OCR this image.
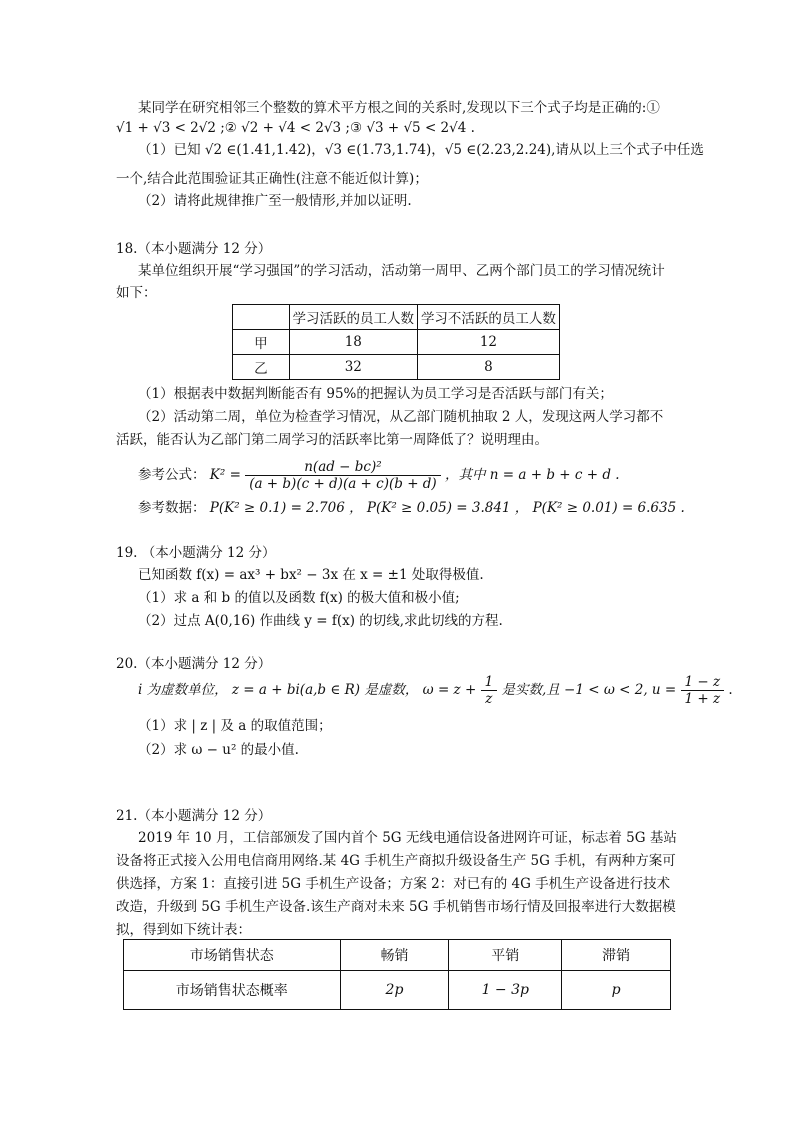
某同学在研究相邻三个整数的算术平方根之间的关系时,发现以下三个式子均是正确的:①
√1 + √3 < 2√2 ;② √2 + √4 < 2√3 ;③ √3 + √5 < 2√4 .
（1）已知 √2 ∈(1.41,1.42)，√3 ∈(1.73,1.74)，√5 ∈(2.23,2.24),请从以上三个式子中任选
一个,结合此范围验证其正确性(注意不能近似计算)；
（2）请将此规律推广至一般情形,并加以证明.
18.（本小题满分 12 分）
某单位组织开展“学习强国”的学习活动，活动第一周甲、乙两个部门员工的学习情况统计
如下：
	学习活跃的员工人数	学习不活跃的员工人数
甲	18	12
乙	32	8
（1）根据表中数据判断能否有 95%的把握认为员工学习是否活跃与部门有关；
（2）活动第二周，单位为检查学习情况，从乙部门随机抽取 2 人，发现这两人学习都不
活跃，能否认为乙部门第二周学习的活跃率比第一周降低了？说明理由。
参考公式： $K^2 = \frac{\text{n(ad − bc)²}}{(a + b)(c + d)(a + c)(b + d)}$ ，其中 n = a + b + c + d .
参考数据： P(K² ≥ 0.1) = 2.706 ， P(K² ≥ 0.05) = 3.841 ， P(K² ≥ 0.01) = 6.635 .
19. （本小题满分 12 分）
已知函数 f(x) = ax³ + bx² − 3x 在 x = ±1 处取得极值.
（1）求 a 和 b 的值以及函数 f(x) 的极大值和极小值;
（2）过点 A(0,16) 作曲线 y = f(x) 的切线,求此切线的方程.
20.（本小题满分 12 分）
i 为虚数单位， z = a + bi(a,b ∈ R) 是虚数， $\omega = z + \frac{1}{z}$ 是实数,且 −1 < ω < 2, $u = \frac{1 - z}{1 + z}$ .
（1）求 | z | 及 a 的取值范围；
（2）求 ω − u² 的最小值.
21.（本小题满分 12 分）
2019 年 10 月，工信部颁发了国内首个 5G 无线电通信设备进网许可证，标志着 5G 基站
设备将正式接入公用电信商用网络.某 4G 手机生产商拟升级设备生产 5G 手机，有两种方案可
供选择，方案 1：直接引进 5G 手机生产设备；方案 2：对已有的 4G 手机生产设备进行技术
改造，升级到 5G 手机生产设备.该生产商对未来 5G 手机销售市场行情及回报率进行大数据模
拟，得到如下统计表：
市场销售状态	畅销	平销	滞销
市场销售状态概率	2p	1 − 3p	p
